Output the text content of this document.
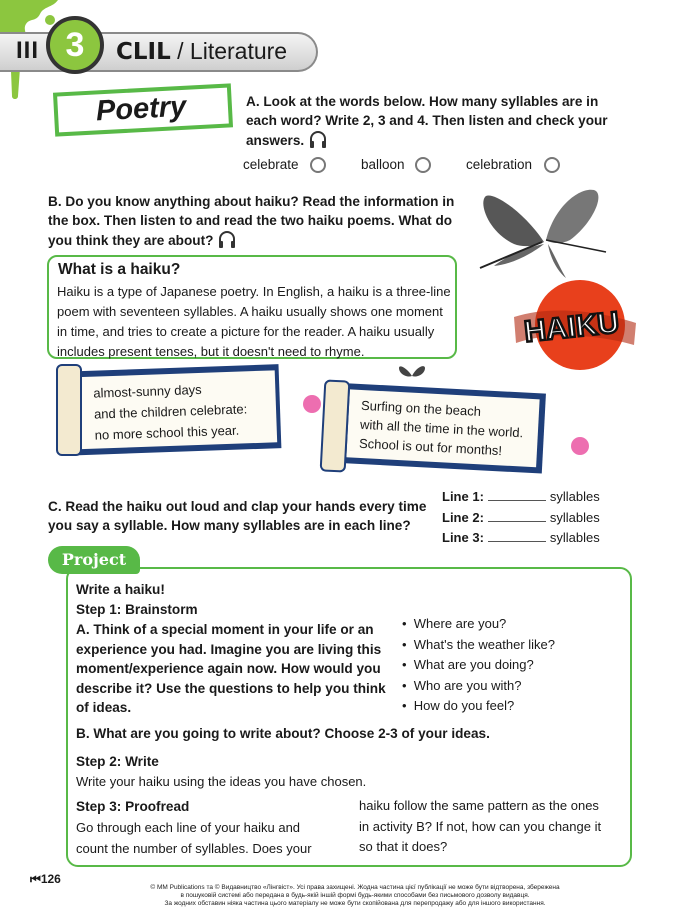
III 3	CLIL / Literature
Poetry	A. Look at the words below. How many syllables are in
each word? Write 2, 3 and 4. Then listen and check your
answers.
celebrate	balloon	celebration
B. Do you know anything about haiku? Read the information in
the box. Then listen to and read the two haiku poems. What do
you think they are about?
HAIKU
What is a haiku?
Haiku is a type of Japanese poetry. In English, a haiku is a three-line
poem with seventeen syllables. A haiku usually shows one moment
in time, and tries to create a picture for the reader. A haiku usually
includes present tenses, but it doesn't need to rhyme.
almost-sunny days
and the children celebrate:
no more school this year.
Surfing on the beach
with all the time in the world.
School is out for months!
C. Read the haiku out loud and clap your hands every time
you say a syllable. How many syllables are in each line?
Line 1:	syllables
Line 2:	syllables
Line 3:	syllables
Project
Write a haiku!
Step 1: Brainstorm
A. Think of a special moment in your life or an
experience you had. Imagine you are living this
moment/experience again now. How would you
describe it? Use the questions to help you think
of ideas.
•  Where are you?
•  What's the weather like?
•  What are you doing?
•  Who are you with?
•  How do you feel?
B. What are you going to write about? Choose 2-3 of your ideas.
Step 2: Write
Write your haiku using the ideas you have chosen.
Step 3: Proofread
Go through each line of your haiku and
count the number of syllables. Does your
haiku follow the same pattern as the ones
in activity B? If not, how can you change it
so that it does?
⏮126
© MM Publications та © Видавництво «Лінгвіст». Усі права захищені. Жодна частина цієї публікації не може бути відтворена, збережена
в пошуковій системі або передана в будь-якій іншій формі будь-якими способами без письмового дозволу видавця.
За жодних обставин ніяка частина цього матеріалу не може бути скопійована для перепродажу або для іншого використання.
